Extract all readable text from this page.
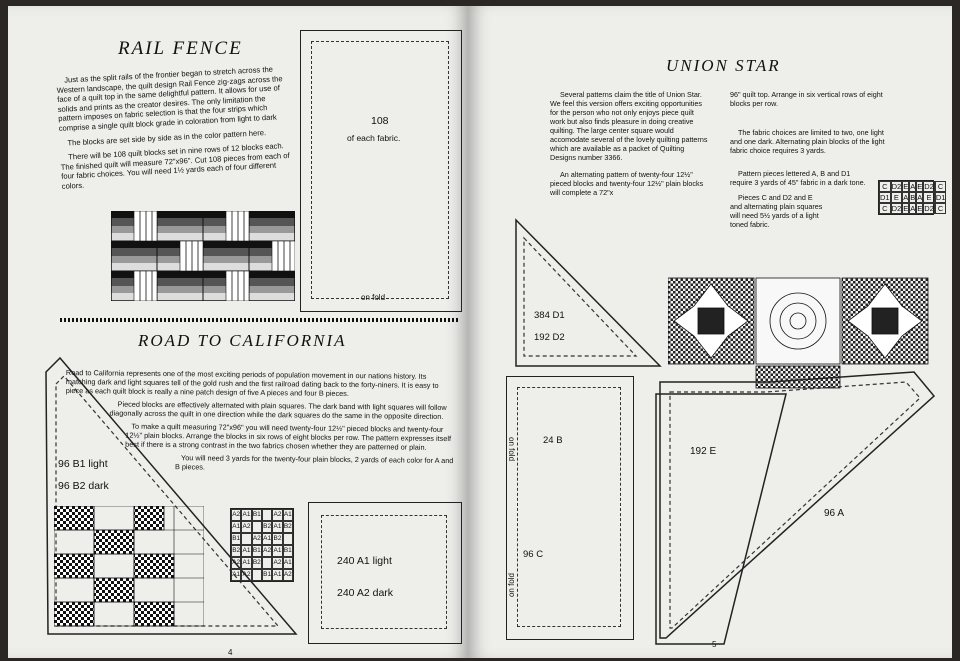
RAIL FENCE

Just as the split rails of the frontier began to stretch across the Western landscape, the quilt design Rail Fence zig-zags across the face of a quilt top in the same delightful pattern. It allows for use of solids and prints as the creator desires. The only limitation the pattern imposes on fabric selection is that the four strips which comprise a single quilt block grade in coloration from light to dark

The blocks are set side by side as in the color pattern here.

There will be 108 quilt blocks set in nine rows of 12 blocks each. The finished quilt will measure 72"x96". Cut 108 pieces from each of four fabric choices. You will need 1½ yards each of four different colors.

108
of each fabric.
on fold
ROAD TO CALIFORNIA

Road to California represents one of the most exciting periods of population movement in our nations history. Its matching dark and light squares tell of the gold rush and the first railroad dating back to the forty-niners. It is easy to piece as each quilt block is really a nine patch design of five A pieces and four B pieces.

Pieced blocks are effectively alternated with plain squares. The dark band with light squares will follow diagonally across the quilt in one direction while the dark squares do the same in the opposite direction.

To make a quilt measuring 72"x96" you will need twenty-four 12½" pieced blocks and twenty-four 12½" plain blocks. Arrange the blocks in six rows of eight blocks per row. The pattern expresses itself best if there is a strong contrast in the two fabrics chosen whether they are patterned or plain.

You will need 3 yards for the twenty-four plain blocks, 2 yards of each color for A and B pieces.

96 B1 light
96 B2 dark
A2 A1 B1 A2 A1
A1 A2 B2 A1 B2
B1 A2 A1 B2
B2 A1 B1 A2 A1 B1
A2 A1 B2 A2 A1
A1 A2 B1 A1 A2
240 A1 light
240 A2 dark
4
UNION STAR

Several patterns claim the title of Union Star. We feel this version offers exciting opportunities for the person who not only enjoys piece quilt work but also finds pleasure in doing creative quilting. The large center square would accomodate several of the lovely quilting patterns which are available as a packet of Quilting Designs number 3366.

An alternating pattern of twenty-four 12½" pieced blocks and twenty-four 12½" plain blocks will complete a 72"x

96" quilt top. Arrange in six vertical rows of eight blocks per row.

The fabric choices are limited to two, one light and one dark. Alternating plain blocks of the light fabric choice requires 3 yards.

Pattern pieces lettered A, B and D1 require 3 yards of 45" fabric in a dark tone.

Pieces C and D2 and E and alternating plain squares will need 5½ yards of a light toned fabric.

C D2 E A E D2 C
D1 E A B A E D1
C D2 E A E D2 C
384 D1
192 D2
24 B
96 C
on fold
on fold
192 E
96 A
5
